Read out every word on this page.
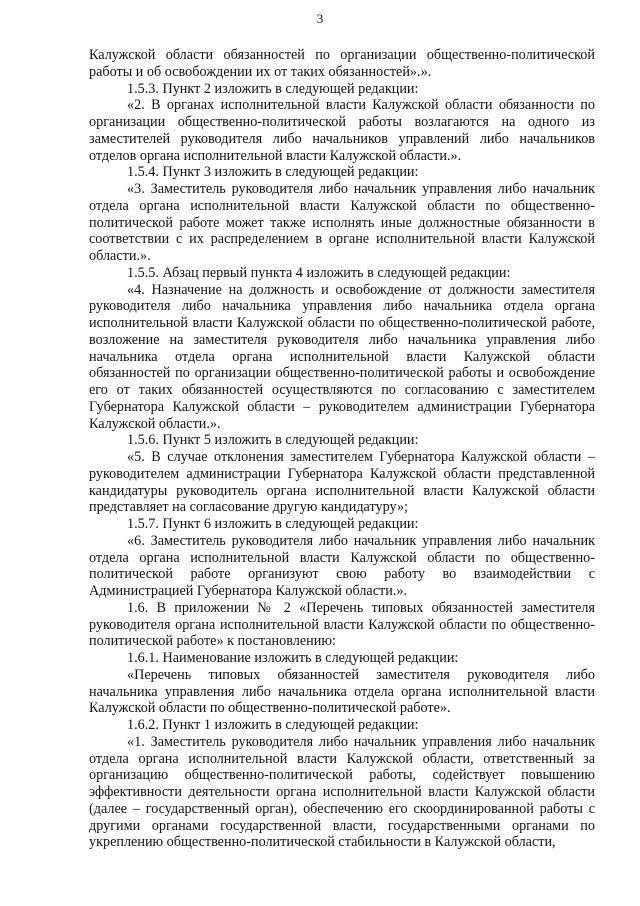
3

Калужской области обязанностей по организации общественно-политической работы и об освобождении их от таких обязанностей».».

1.5.3. Пункт 2 изложить в следующей редакции:

«2. В органах исполнительной власти Калужской области обязанности по организации общественно-политической работы возлагаются на одного из заместителей руководителя либо начальников управлений либо начальников отделов органа исполнительной власти Калужской области.».

1.5.4. Пункт 3 изложить в следующей редакции:

«3. Заместитель руководителя либо начальник управления либо начальник отдела органа исполнительной власти Калужской области по общественно-политической работе может также исполнять иные должностные обязанности в соответствии с их распределением в органе исполнительной власти Калужской области.».

1.5.5. Абзац первый пункта 4 изложить в следующей редакции:

«4. Назначение на должность и освобождение от должности заместителя руководителя либо начальника управления либо начальника отдела органа исполнительной власти Калужской области по общественно-политической работе, возложение на заместителя руководителя либо начальника управления либо начальника отдела органа исполнительной власти Калужской области обязанностей по организации общественно-политической работы и освобождение его от таких обязанностей осуществляются по согласованию с заместителем Губернатора Калужской области – руководителем администрации Губернатора Калужской области.».

1.5.6. Пункт 5 изложить в следующей редакции:

«5. В случае отклонения заместителем Губернатора Калужской области – руководителем администрации Губернатора Калужской области представленной кандидатуры руководитель органа исполнительной власти Калужской области представляет на согласование другую кандидатуру»;

1.5.7. Пункт 6 изложить в следующей редакции:

«6. Заместитель руководителя либо начальник управления либо начальник отдела органа исполнительной власти Калужской области по общественно-политической работе организуют свою работу во взаимодействии с Администрацией Губернатора Калужской области.».

1.6. В приложении № 2 «Перечень типовых обязанностей заместителя руководителя органа исполнительной власти Калужской области по общественно-политической работе» к постановлению:

1.6.1. Наименование изложить в следующей редакции:

«Перечень типовых обязанностей заместителя руководителя либо начальника управления либо начальника отдела органа исполнительной власти Калужской области по общественно-политической работе».

1.6.2. Пункт 1 изложить в следующей редакции:

«1. Заместитель руководителя либо начальник управления либо начальник отдела органа исполнительной власти Калужской области, ответственный за организацию общественно-политической работы, содействует повышению эффективности деятельности органа исполнительной власти Калужской области (далее – государственный орган), обеспечению его скоординированной работы с другими органами государственной власти, государственными органами по укреплению общественно-политической стабильности в Калужской области,
